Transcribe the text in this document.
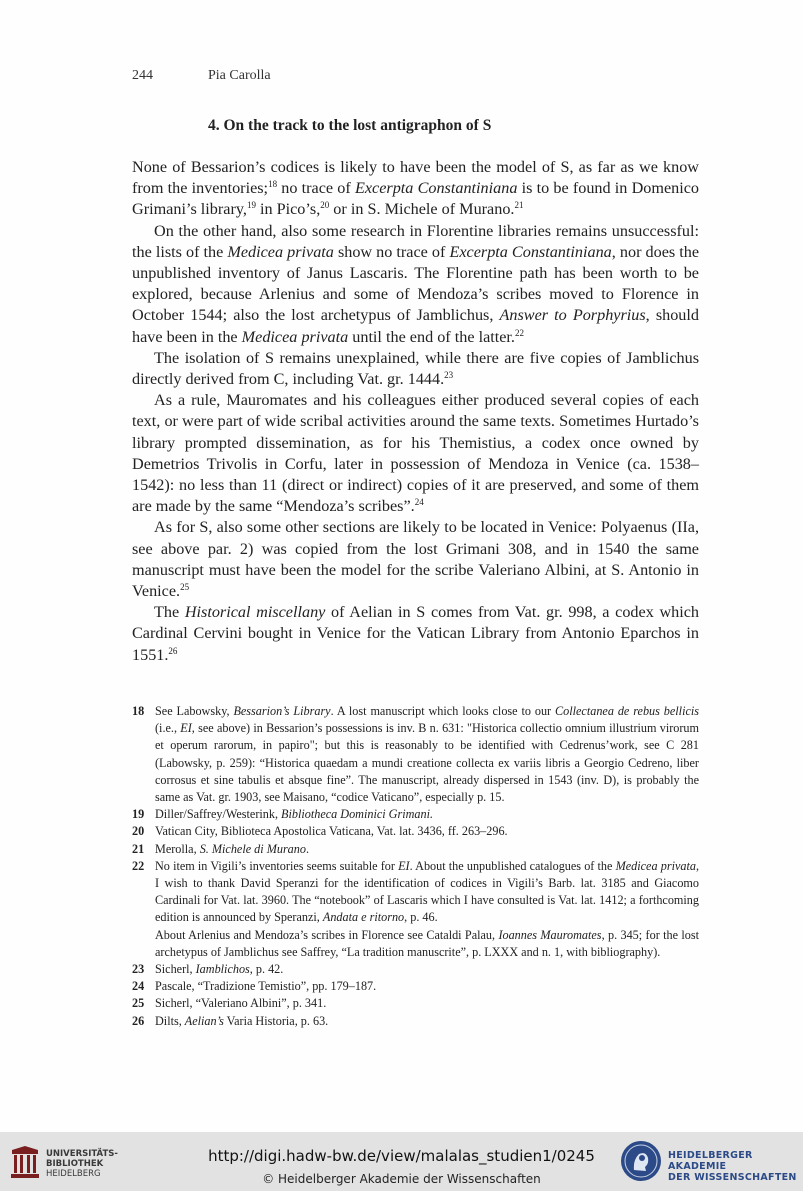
244	Pia Carolla
4. On the track to the lost antigraphon of S

None of Bessarion’s codices is likely to have been the model of S, as far as we know from the inventories;$^{18}$ no trace of Excerpta Constantiniana is to be found in Domenico Grimani’s library,$^{19}$ in Pico’s,$^{20}$ or in S. Michele of Murano.$^{21}$

On the other hand, also some research in Florentine libraries remains unsuccessful: the lists of the Medicea privata show no trace of Excerpta Constantiniana, nor does the unpublished inventory of Janus Lascaris. The Florentine path has been worth to be explored, because Arlenius and some of Mendoza’s scribes moved to Florence in October 1544; also the lost archetypus of Jamblichus, Answer to Porphyrius, should have been in the Medicea privata until the end of the latter.$^{22}$

The isolation of S remains unexplained, while there are five copies of Jamblichus directly derived from C, including Vat. gr. 1444.23

As a rule, Mauromates and his colleagues either produced several copies of each text, or were part of wide scribal activities around the same texts. Sometimes Hurtado’s library prompted dissemination, as for his Themistius, a codex once owned by Demetrios Trivolis in Corfu, later in possession of Mendoza in Venice (ca. 1538–1542): no less than 11 (direct or indirect) copies of it are preserved, and some of them are made by the same “Mendoza’s scribes”.$^{24}$

As for S, also some other sections are likely to be located in Venice: Polyaenus (IIa, see above par. 2) was copied from the lost Grimani 308, and in 1540 the same manuscript must have been the model for the scribe Valeriano Albini, at S. Antonio in Venice.$^{25}$

The Historical miscellany of Aelian in S comes from Vat. gr. 998, a codex which Cardinal Cervini bought in Venice for the Vatican Library from Antonio Eparchos in 1551.26

18 See Labowsky, Bessarion’s Library. A lost manuscript which looks close to our Collectanea de rebus bellicis (i.e., EI, see above) in Bessarion’s possessions is inv. B n. 631: "Historica collectio omnium illustrium virorum et operum rarorum, in papiro"; but this is reasonably to be identified with Cedrenus’work, see C 281 (Labowsky, p. 259): “Historica quaedam a mundi creatione collecta ex variis libris a Georgio Cedreno, liber corrosus et sine tabulis et absque fine”. The manuscript, already dispersed in 1543 (inv. D), is probably the same as Vat. gr. 1903, see Maisano, “codice Vaticano”, especially p. 15.
19 Diller/Saffrey/Westerink, Bibliotheca Dominici Grimani.
20 Vatican City, Biblioteca Apostolica Vaticana, Vat. lat. 3436, ff. 263–296.
21 Merolla, S. Michele di Murano.
22 No item in Vigili’s inventories seems suitable for EI. About the unpublished catalogues of the Medicea privata, I wish to thank David Speranzi for the identification of codices in Vigili’s Barb. lat. 3185 and Giacomo Cardinali for Vat. lat. 3960. The “notebook” of Lascaris which I have consulted is Vat. lat. 1412; a forthcoming edition is announced by Speranzi, Andata e ritorno, p. 46.
About Arlenius and Mendoza’s scribes in Florence see Cataldi Palau, Ioannes Mauromates, p. 345; for the lost archetypus of Jamblichus see Saffrey, “La tradition manuscrite”, p. LXXX and n. 1, with bibliography).
23 Sicherl, Iamblichos, p. 42.
24 Pascale, “Tradizione Temistio”, pp. 179–187.
25 Sicherl, “Valeriano Albini”, p. 341.
26 Dilts, Aelian’s Varia Historia, p. 63.
UNIVERSITÄTS-
BIBLIOTHEK
HEIDELBERG
http://digi.hadw-bw.de/view/malalas_studien1/0245
© Heidelberger Akademie der Wissenschaften
HEIDELBERGER AKADEMIE
DER WISSENSCHAFTEN
